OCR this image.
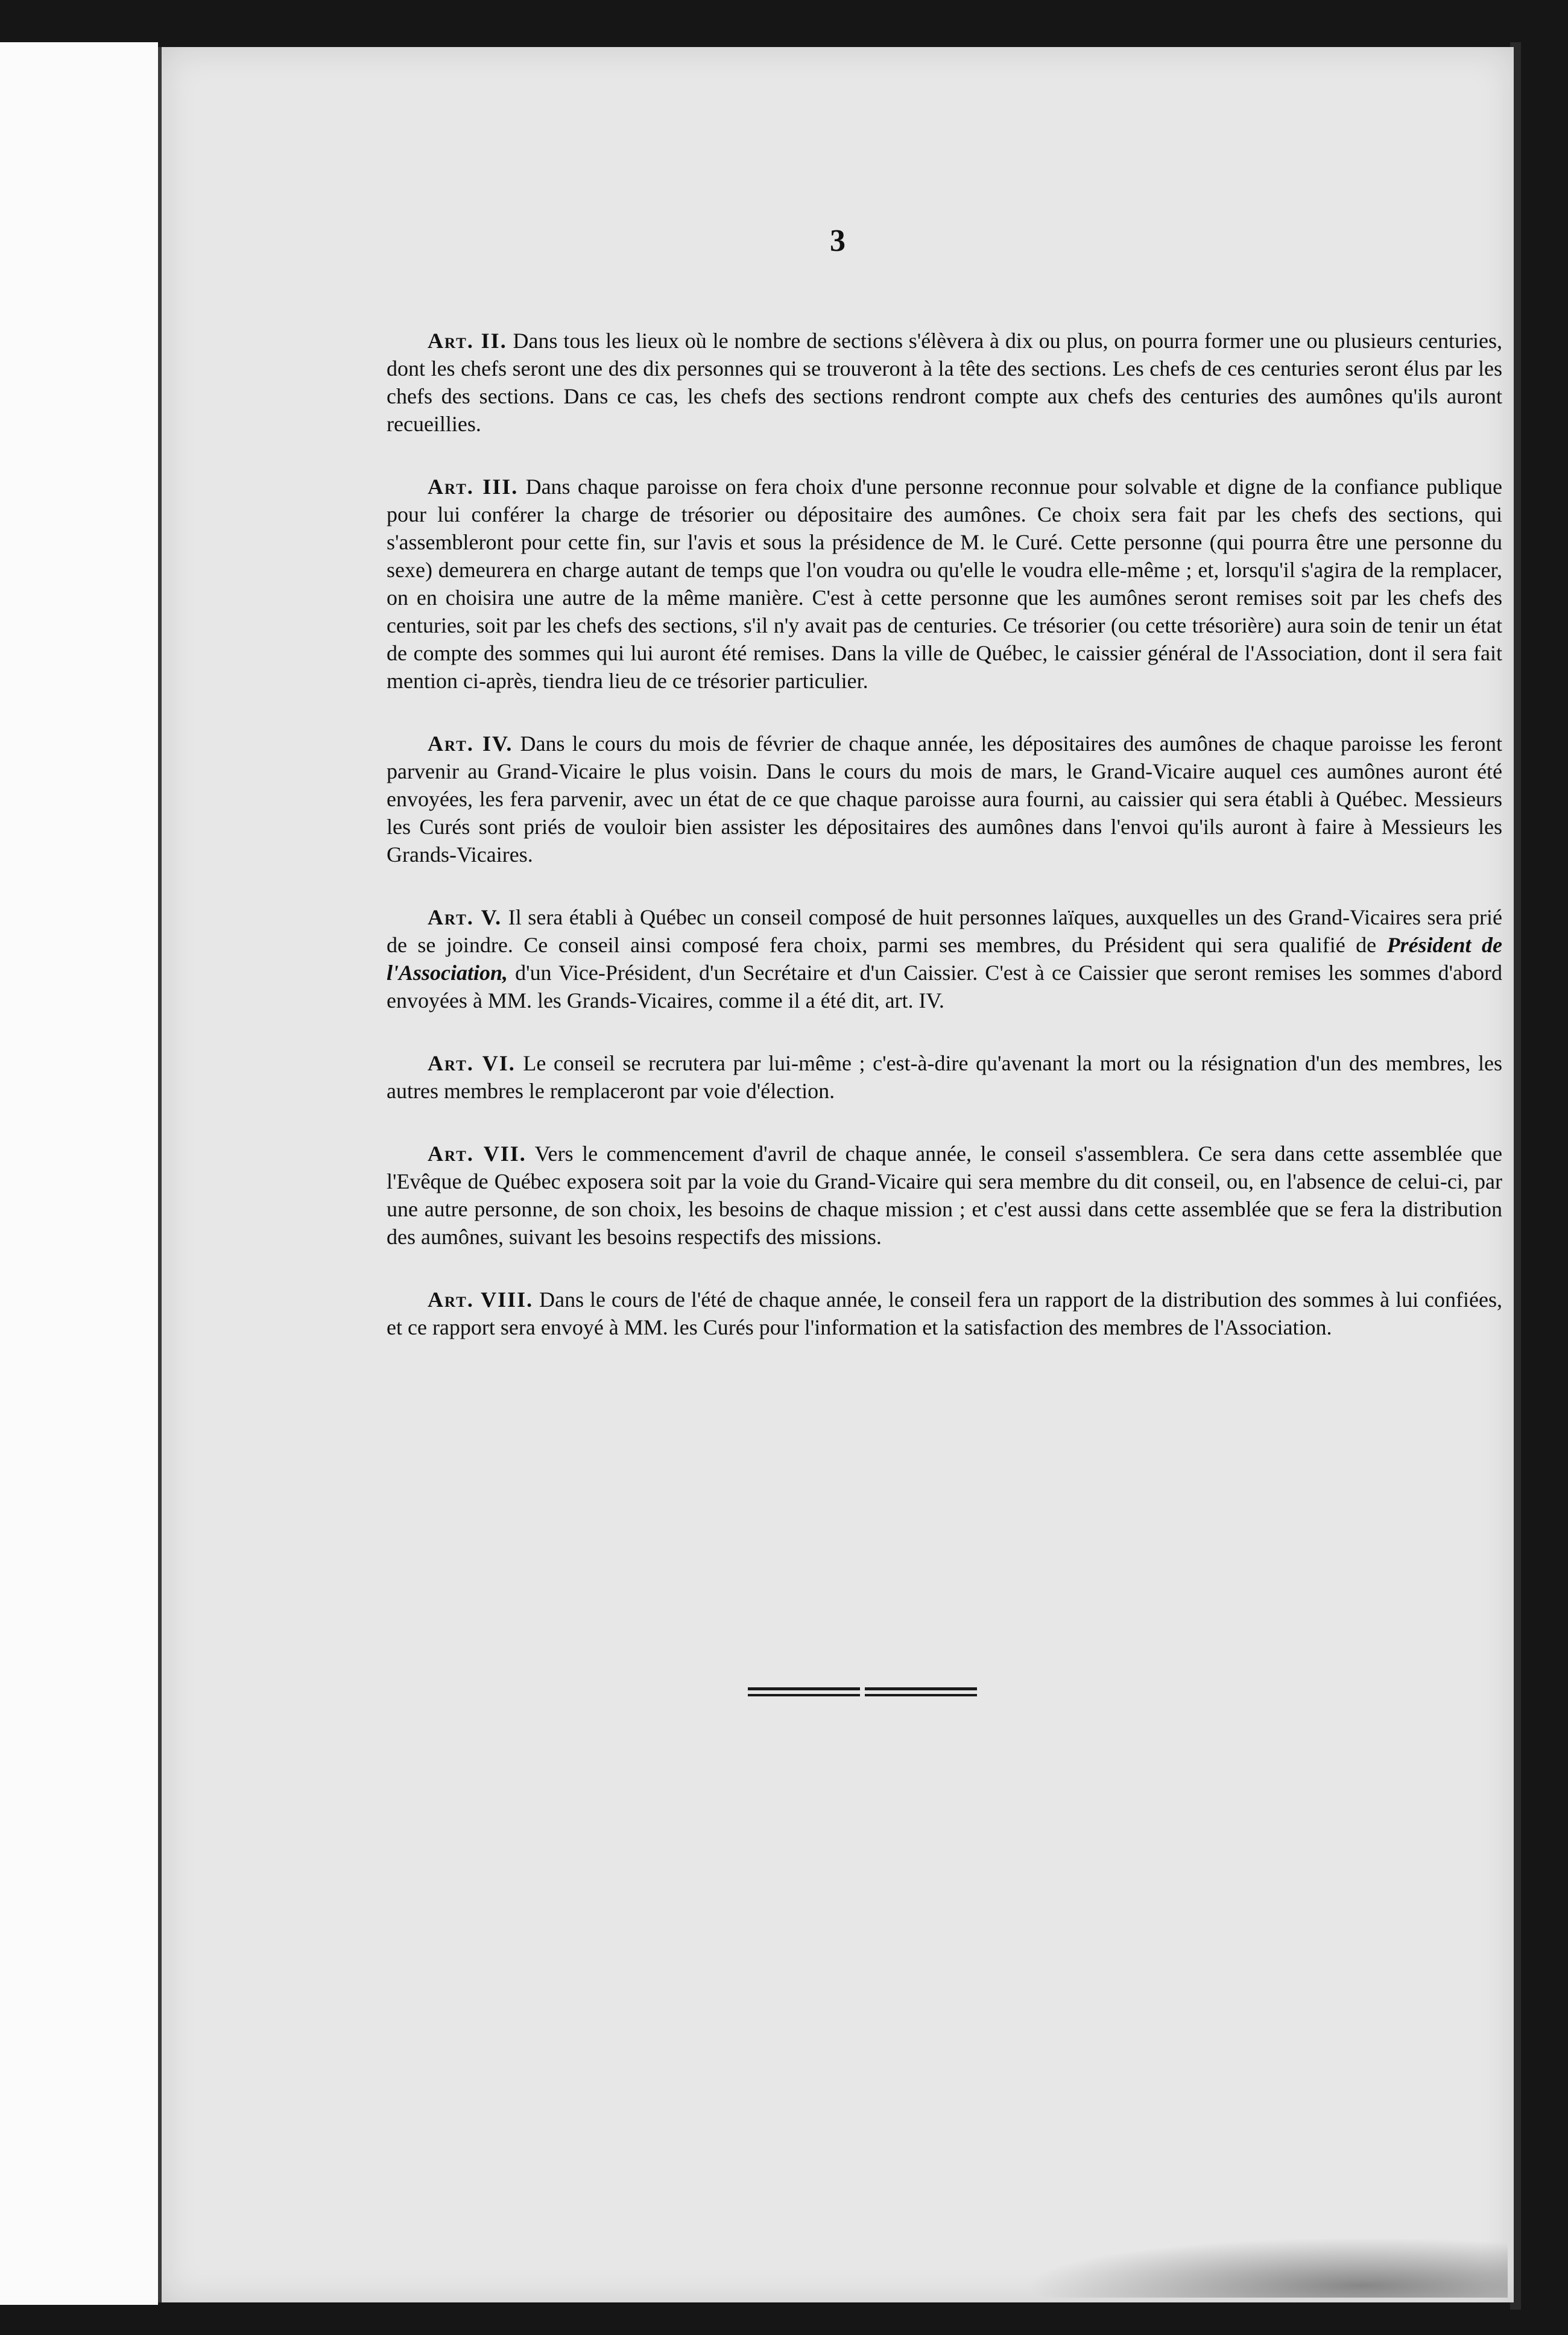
3

Art. II. Dans tous les lieux où le nombre de sections s'élèvera à dix ou plus, on pourra former une ou plusieurs centuries, dont les chefs seront une des dix personnes qui se trouveront à la tête des sections. Les chefs de ces centuries seront élus par les chefs des sections. Dans ce cas, les chefs des sections rendront compte aux chefs des centuries des aumônes qu'ils auront recueillies.

Art. III. Dans chaque paroisse on fera choix d'une personne reconnue pour solvable et digne de la confiance publique pour lui conférer la charge de trésorier ou dépositaire des aumônes. Ce choix sera fait par les chefs des sections, qui s'assembleront pour cette fin, sur l'avis et sous la présidence de M. le Curé. Cette personne (qui pourra être une personne du sexe) demeurera en charge autant de temps que l'on voudra ou qu'elle le voudra elle-même ; et, lorsqu'il s'agira de la remplacer, on en choisira une autre de la même manière. C'est à cette personne que les aumônes seront remises soit par les chefs des centuries, soit par les chefs des sections, s'il n'y avait pas de centuries. Ce trésorier (ou cette trésorière) aura soin de tenir un état de compte des sommes qui lui auront été remises. Dans la ville de Québec, le caissier général de l'Association, dont il sera fait mention ci-après, tiendra lieu de ce trésorier particulier.

Art. IV. Dans le cours du mois de février de chaque année, les dépositaires des aumônes de chaque paroisse les feront parvenir au Grand-Vicaire le plus voisin. Dans le cours du mois de mars, le Grand-Vicaire auquel ces aumônes auront été envoyées, les fera parvenir, avec un état de ce que chaque paroisse aura fourni, au caissier qui sera établi à Québec. Messieurs les Curés sont priés de vouloir bien assister les dépositaires des aumônes dans l'envoi qu'ils auront à faire à Messieurs les Grands-Vicaires.

Art. V. Il sera établi à Québec un conseil composé de huit personnes laïques, auxquelles un des Grand-Vicaires sera prié de se joindre. Ce conseil ainsi composé fera choix, parmi ses membres, du Président qui sera qualifié de Président de l'Association, d'un Vice-Président, d'un Secrétaire et d'un Caissier. C'est à ce Caissier que seront remises les sommes d'abord envoyées à MM. les Grands-Vicaires, comme il a été dit, art. IV.

Art. VI. Le conseil se recrutera par lui-même ; c'est-à-dire qu'avenant la mort ou la résignation d'un des membres, les autres membres le remplaceront par voie d'élection.

Art. VII. Vers le commencement d'avril de chaque année, le conseil s'assemblera. Ce sera dans cette assemblée que l'Evêque de Québec exposera soit par la voie du Grand-Vicaire qui sera membre du dit conseil, ou, en l'absence de celui-ci, par une autre personne, de son choix, les besoins de chaque mission ; et c'est aussi dans cette assemblée que se fera la distribution des aumônes, suivant les besoins respectifs des missions.

Art. VIII. Dans le cours de l'été de chaque année, le conseil fera un rapport de la distribution des sommes à lui confiées, et ce rapport sera envoyé à MM. les Curés pour l'information et la satisfaction des membres de l'Association.
